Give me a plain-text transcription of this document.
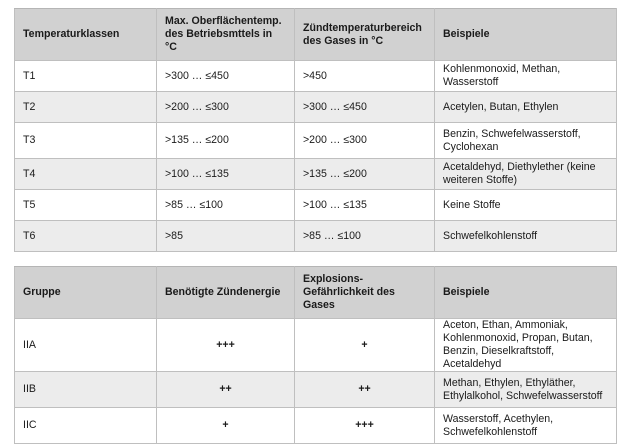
Temperaturklassen	Max. Oberflächentemp. des Betriebsmttels in °C	Zündtemperaturbereich des Gases in °C	Beispiele
T1	>300 … ≤450	>450	Kohlenmonoxid, Methan, Wasserstoff
T2	>200 … ≤300	>300 … ≤450	Acetylen, Butan, Ethylen
T3	>135 … ≤200	>200 … ≤300	Benzin, Schwefelwasserstoff, Cyclohexan
T4	>100 … ≤135	>135 … ≤200	Acetaldehyd, Diethylether (keine weiteren Stoffe)
T5	>85 … ≤100	>100 … ≤135	Keine Stoffe
T6	>85	>85 … ≤100	Schwefelkohlenstoff
Gruppe	Benötigte Zündenergie	Explosions-Gefährlichkeit des Gases	Beispiele
IIA	+++	+	Aceton, Ethan, Ammoniak, Kohlenmonoxid, Propan, Butan, Benzin, Dieselkraftstoff, Acetaldehyd
IIB	++	++	Methan, Ethylen, Ethyläther, Ethylalkohol, Schwefelwasserstoff
IIC	+	+++	Wasserstoff, Acethylen, Schwefelkohlenstoff
